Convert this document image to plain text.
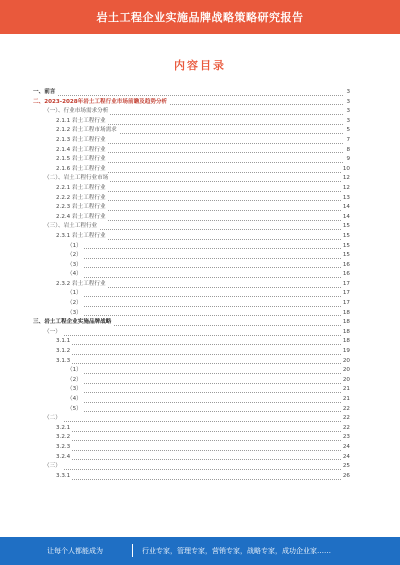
岩土工程企业实施品牌战略策略研究报告
内容目录
一、前言	3
二、2023-2028年岩土工程行业市场前瞻及趋势分析	3
（一）、行业市场需求分析	3
2.1.1 岩土工程行业	3
2.1.2 岩土工程市场需求	5
2.1.3 岩土工程行业	7
2.1.4 岩土工程行业	8
2.1.5 岩土工程行业	9
2.1.6 岩土工程行业	10
（二）、岩土工程行业市场	12
2.2.1 岩土工程行业	12
2.2.2 岩土工程行业	13
2.2.3 岩土工程行业	14
2.2.4 岩土工程行业	14
（三）、岩土工程行业	15
2.3.1 岩土工程行业	15
（1）	15
（2）	15
（3）	16
（4）	16
2.3.2 岩土工程行业	17
（1）	17
（2）	17
（3）	18
三、岩土工程企业实施品牌战略	18
（一）	18
3.1.1	18
3.1.2	19
3.1.3	20
（1）	20
（2）	20
（3）	21
（4）	21
（5）	22
（二）	22
3.2.1	22
3.2.2	23
3.2.3	24
3.2.4	24
（三）	25
3.3.1	26
让每个人都能成为	行业专家，管理专家，营销专家，战略专家，成功企业家……
